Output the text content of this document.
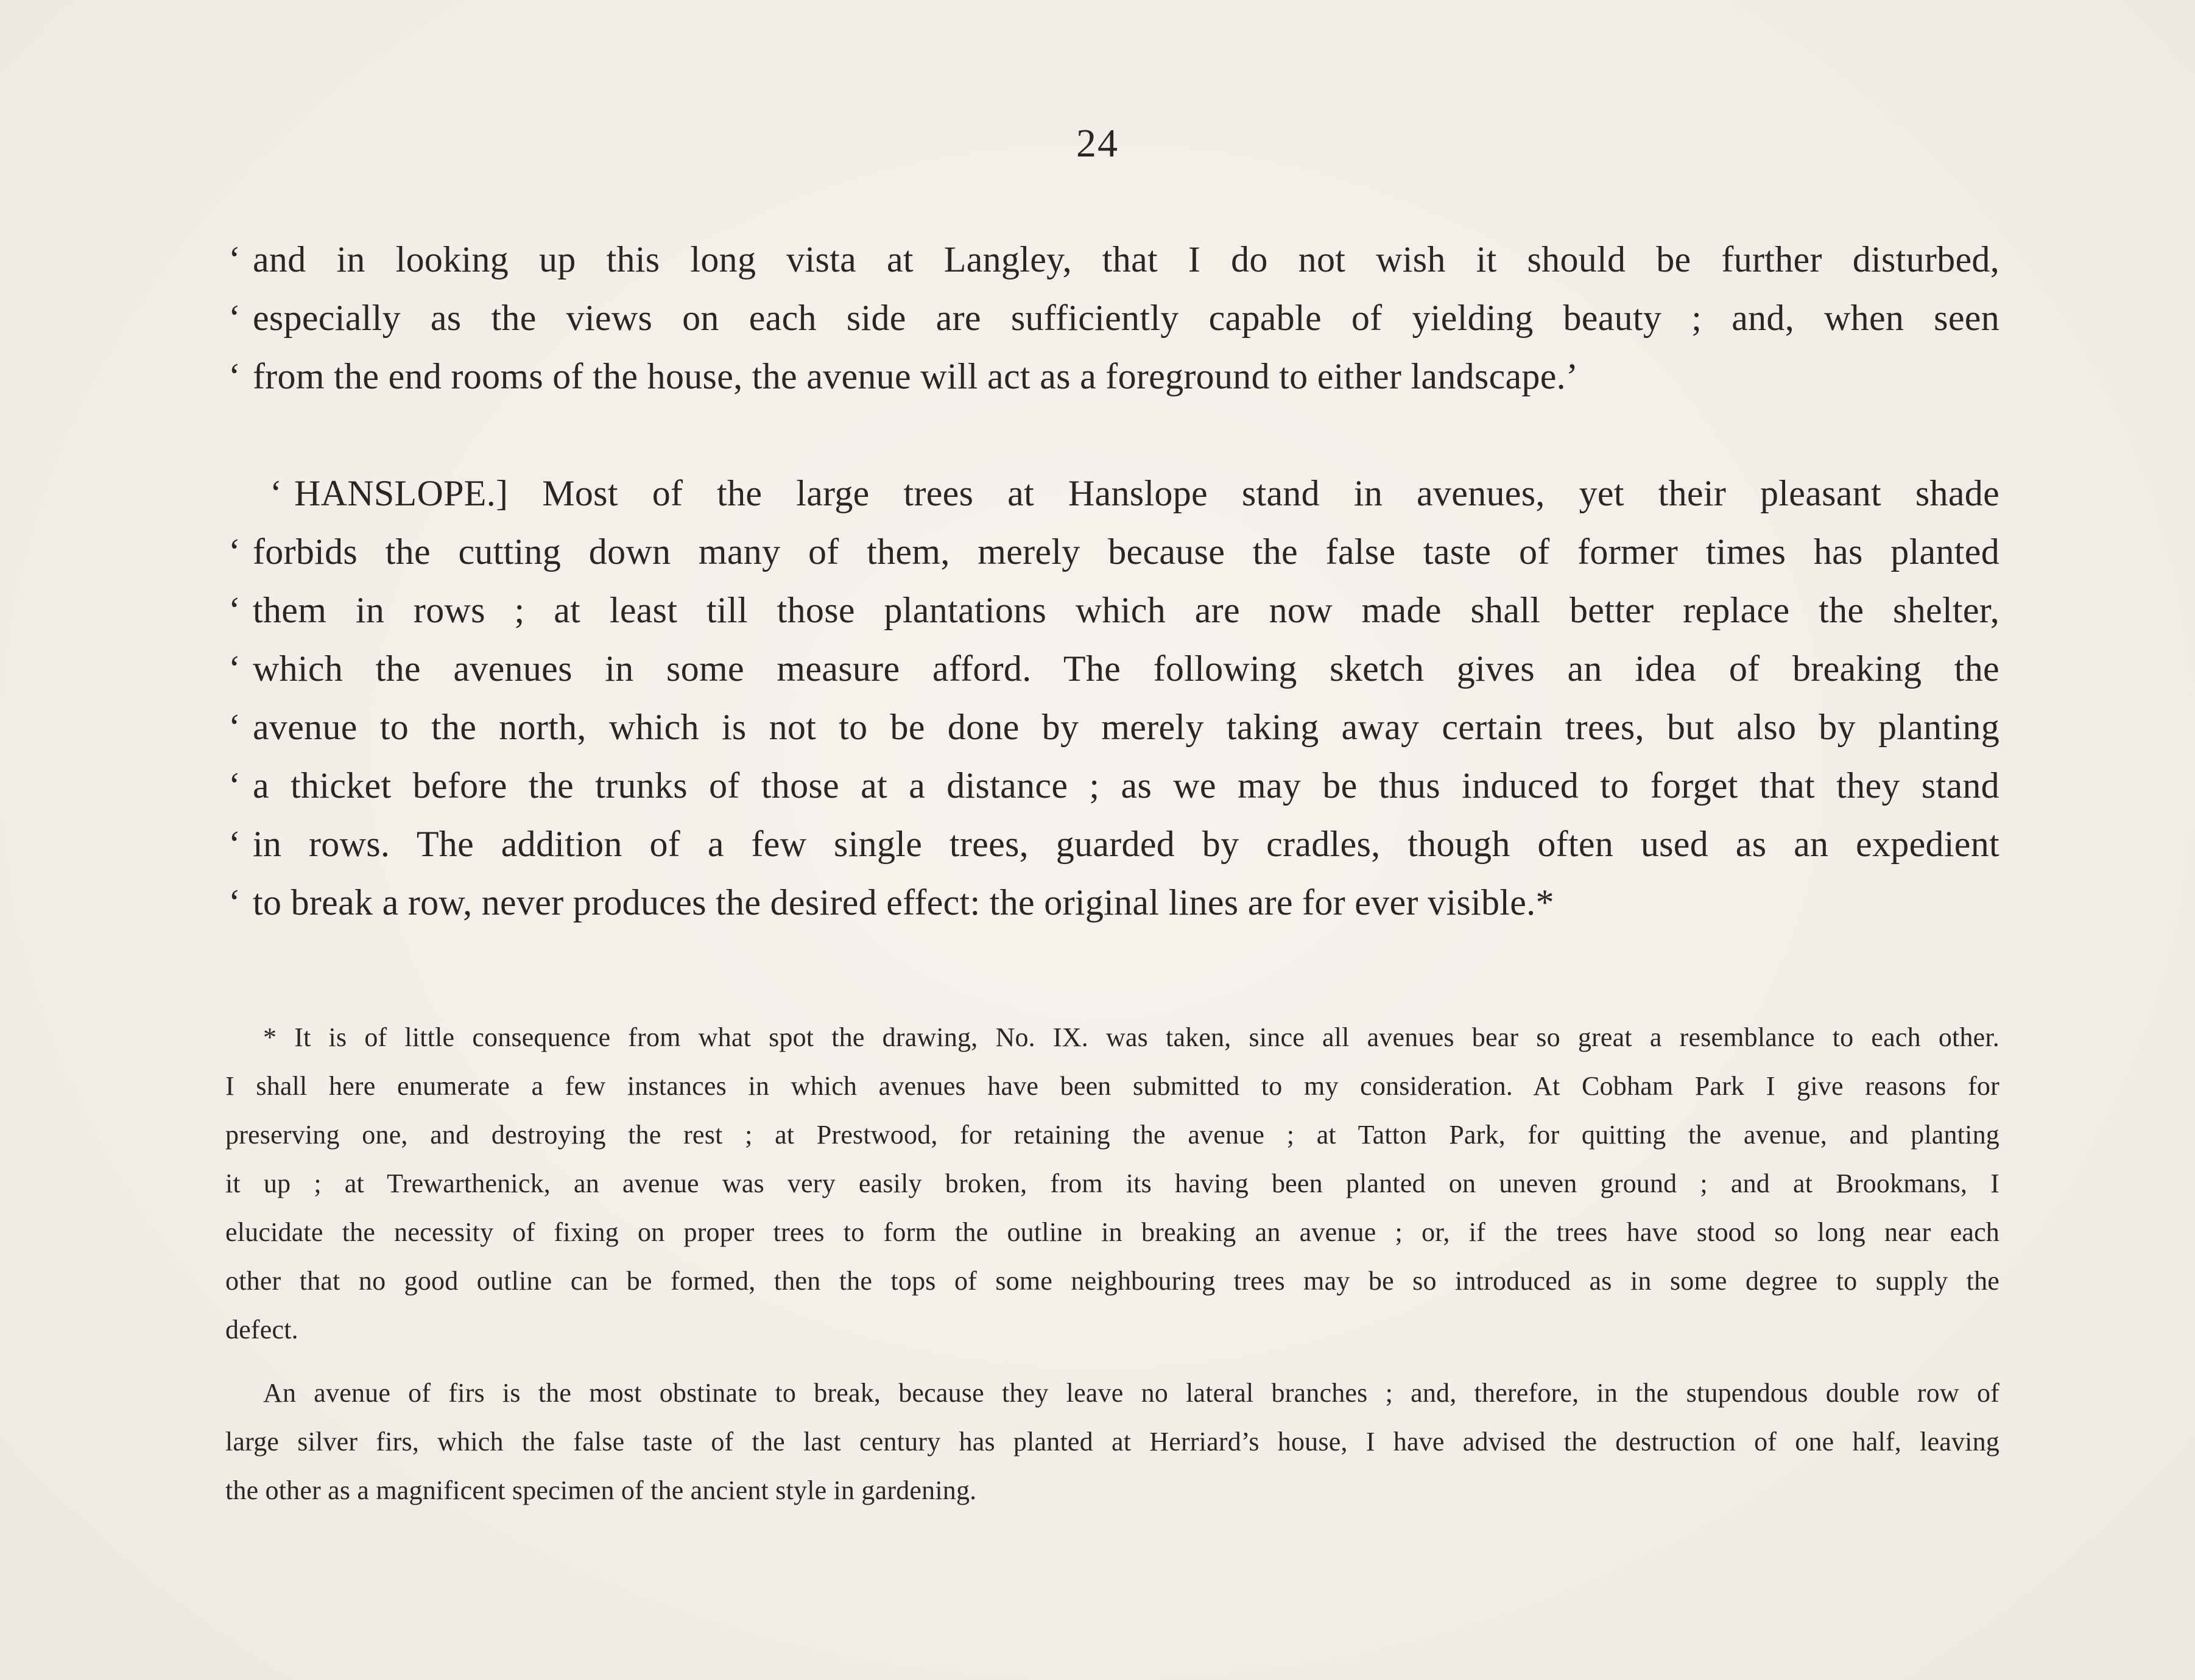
24
‘ and in looking up this long vista at Langley, that I do not wish it should be further disturbed,
‘ especially as the views on each side are sufficiently capable of yielding beauty ; and, when seen
‘ from the end rooms of the house, the avenue will act as a foreground to either landscape.’
‘ HANSLOPE.] Most of the large trees at Hanslope stand in avenues, yet their pleasant shade
‘ forbids the cutting down many of them, merely because the false taste of former times has planted
‘ them in rows ; at least till those plantations which are now made shall better replace the shelter,
‘ which the avenues in some measure afford. The following sketch gives an idea of breaking the
‘ avenue to the north, which is not to be done by merely taking away certain trees, but also by planting
‘ a thicket before the trunks of those at a distance ; as we may be thus induced to forget that they stand
‘ in rows. The addition of a few single trees, guarded by cradles, though often used as an expedient
‘ to break a row, never produces the desired effect: the original lines are for ever visible.*
* It is of little consequence from what spot the drawing, No. IX. was taken, since all avenues bear so great a resemblance to each other.
I shall here enumerate a few instances in which avenues have been submitted to my consideration. At Cobham Park I give reasons for
preserving one, and destroying the rest ; at Prestwood, for retaining the avenue ; at Tatton Park, for quitting the avenue, and planting
it up ; at Trewarthenick, an avenue was very easily broken, from its having been planted on uneven ground ; and at Brookmans, I
elucidate the necessity of fixing on proper trees to form the outline in breaking an avenue ; or, if the trees have stood so long near each
other that no good outline can be formed, then the tops of some neighbouring trees may be so introduced as in some degree to supply the
defect.
An avenue of firs is the most obstinate to break, because they leave no lateral branches ; and, therefore, in the stupendous double row of
large silver firs, which the false taste of the last century has planted at Herriard’s house, I have advised the destruction of one half, leaving
the other as a magnificent specimen of the ancient style in gardening.
